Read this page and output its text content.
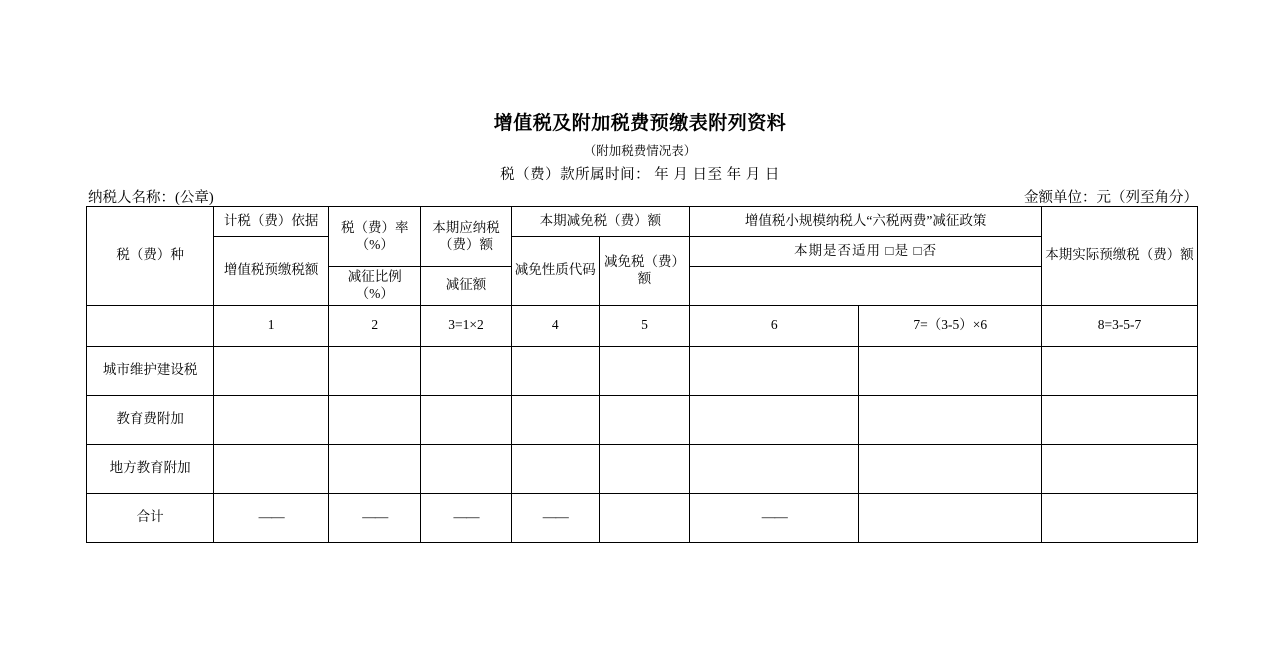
增值税及附加税费预缴表附列资料
（附加税费情况表）
税（费）款所属时间： 年 月 日至 年 月 日
纳税人名称：(公章)	金额单位：元（列至角分）
税（费）种	计税（费）依据	税（费）率（%）	本期应纳税（费）额	本期减免税（费）额		增值税小规模纳税人“六税两费”减征政策		本期实际预缴税（费）额
	增值税预缴税额			减免性质代码	减免税（费）额	本期是否适用 □是 □否		
		减征比例（%）	减征额					
	1	2	3=1×2	4	5	6	7=（3-5）×6	8=3-5-7
城市维护建设税								
教育费附加								
地方教育附加								
合计	——	——	——	——		——		
